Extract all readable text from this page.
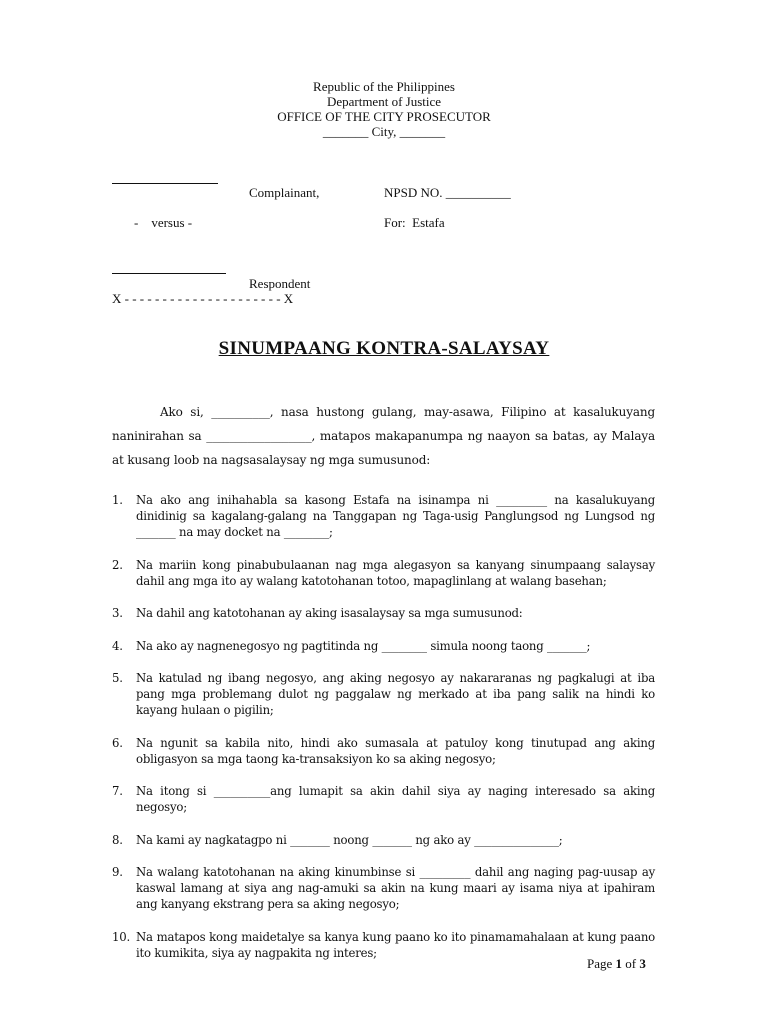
Republic of the Philippines
Department of Justice
OFFICE OF THE CITY PROSECUTOR
_______ City, _______
Complainant,	NPSD NO. __________
-    versus -	For:  Estafa
Respondent
X - - - - - - - - - - - - - - - - - - - - - X
SINUMPAANG KONTRA-SALAYSAY
Ako si, __________, nasa hustong gulang, may-asawa, Filipino at kasalukuyang naninirahan sa __________________, matapos makapanumpa ng naayon sa batas, ay Malaya at kusang loob na nagsasalaysay ng mga sumusunod:
1. Na ako ang inihahabla sa kasong Estafa na isinampa ni _________ na kasalukuyang dinidinig sa kagalang-galang na Tanggapan ng Taga-usig Panglungsod ng Lungsod ng _______ na may docket na ________;
2. Na mariin kong pinabubulaanan nag mga alegasyon sa kanyang sinumpaang salaysay dahil ang mga ito ay walang katotohanan totoo, mapaglinlang at walang basehan;
3. Na dahil ang katotohanan ay aking isasalaysay sa mga sumusunod:
4. Na ako ay nagnenegosyo ng pagtitinda ng ________ simula noong taong _______;
5. Na katulad ng ibang negosyo, ang aking negosyo ay nakararanas ng pagkalugi at iba pang mga problemang dulot ng paggalaw ng merkado at iba pang salik na hindi ko kayang hulaan o pigilin;
6. Na ngunit sa kabila nito, hindi ako sumasala at patuloy kong tinutupad ang aking obligasyon sa mga taong ka-transaksiyon ko sa aking negosyo;
7. Na itong si __________ang lumapit sa akin dahil siya ay naging interesado sa aking negosyo;
8. Na kami ay nagkatagpo ni _______ noong _______ ng ako ay _______________;
9. Na walang katotohanan na aking kinumbinse si _________ dahil ang naging pag-uusap ay kaswal lamang at siya ang nag-amuki sa akin na kung maari ay isama niya at ipahiram ang kanyang ekstrang pera sa aking negosyo;
10. Na matapos kong maidetalye sa kanya kung paano ko ito pinamamahalaan at kung paano ito kumikita, siya ay nagpakita ng interes;
Page 1 of 3
